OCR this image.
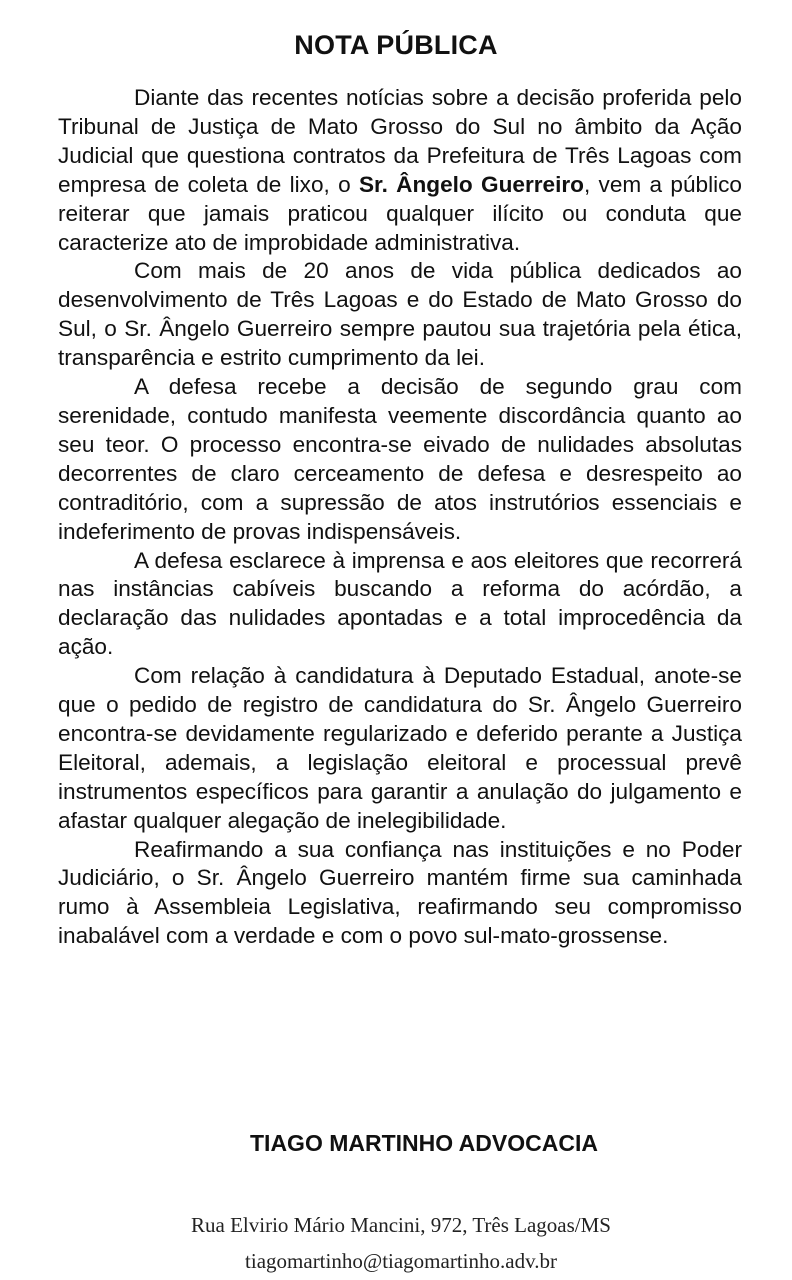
NOTA PÚBLICA

Diante das recentes notícias sobre a decisão proferida pelo Tribunal de Justiça de Mato Grosso do Sul no âmbito da Ação Judicial que questiona contratos da Prefeitura de Três Lagoas com empresa de coleta de lixo, o Sr. Ângelo Guerreiro, vem a público reiterar que jamais praticou qualquer ilícito ou conduta que caracterize ato de improbidade administrativa.

Com mais de 20 anos de vida pública dedicados ao desenvolvimento de Três Lagoas e do Estado de Mato Grosso do Sul, o Sr. Ângelo Guerreiro sempre pautou sua trajetória pela ética, transparência e estrito cumprimento da lei.

A defesa recebe a decisão de segundo grau com serenidade, contudo manifesta veemente discordância quanto ao seu teor. O processo encontra-se eivado de nulidades absolutas decorrentes de claro cerceamento de defesa e desrespeito ao contraditório, com a supressão de atos instrutórios essenciais e indeferimento de provas indispensáveis.

A defesa esclarece à imprensa e aos eleitores que recorrerá nas instâncias cabíveis buscando a reforma do acórdão, a declaração das nulidades apontadas e a total improcedência da ação.

Com relação à candidatura à Deputado Estadual, anote-se que o pedido de registro de candidatura do Sr. Ângelo Guerreiro encontra-se devidamente regularizado e deferido perante a Justiça Eleitoral, ademais, a legislação eleitoral e processual prevê instrumentos específicos para garantir a anulação do julgamento e afastar qualquer alegação de inelegibilidade.

Reafirmando a sua confiança nas instituições e no Poder Judiciário, o Sr. Ângelo Guerreiro mantém firme sua caminhada rumo à Assembleia Legislativa, reafirmando seu compromisso inabalável com a verdade e com o povo sul-mato-grossense.

TIAGO MARTINHO ADVOCACIA
Rua Elvirio Mário Mancini, 972, Três Lagoas/MS
tiagomartinho@tiagomartinho.adv.br
